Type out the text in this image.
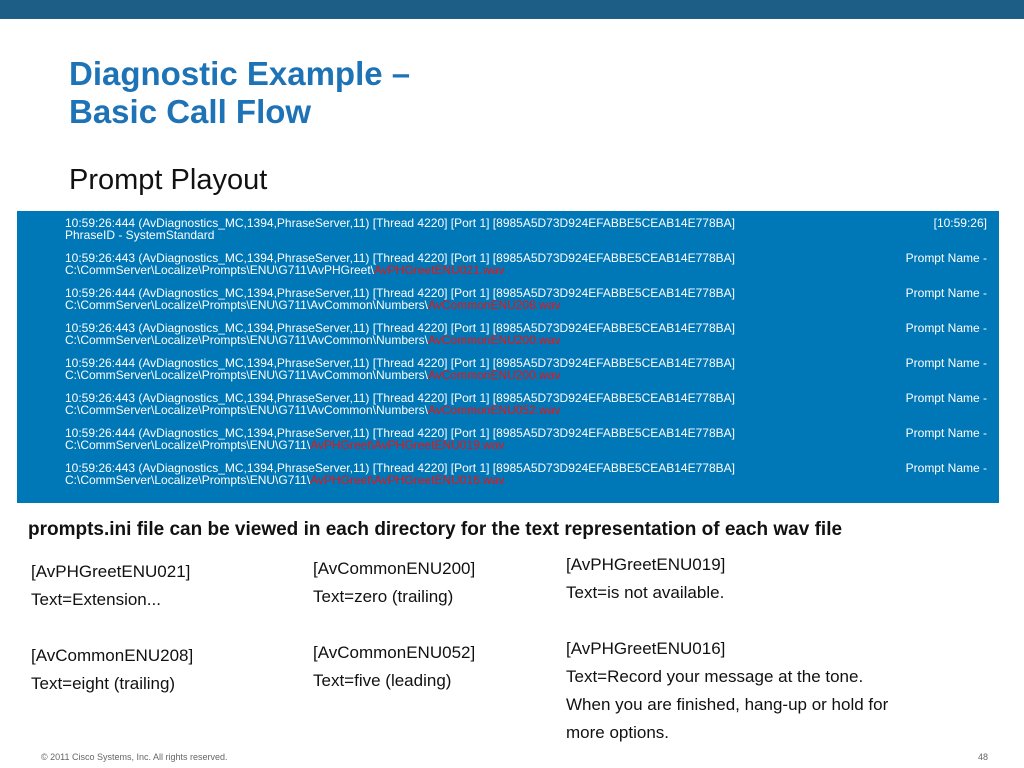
Diagnostic Example –
Basic Call Flow
Prompt Playout
10:59:26:444 (AvDiagnostics_MC,1394,PhraseServer,11) [Thread 4220] [Port 1] [8985A5D73D924EFABBE5CEAB14E778BA]	[10:59:26]
PhraseID - SystemStandard
10:59:26:443 (AvDiagnostics_MC,1394,PhraseServer,11) [Thread 4220] [Port 1] [8985A5D73D924EFABBE5CEAB14E778BA]	Prompt Name -
C:\CommServer\Localize\Prompts\ENU\G711\AvPHGreet\AvPHGreetENU021.wav
10:59:26:444 (AvDiagnostics_MC,1394,PhraseServer,11) [Thread 4220] [Port 1] [8985A5D73D924EFABBE5CEAB14E778BA]	Prompt Name -
C:\CommServer\Localize\Prompts\ENU\G711\AvCommon\Numbers\AvCommonENU208.wav
10:59:26:443 (AvDiagnostics_MC,1394,PhraseServer,11) [Thread 4220] [Port 1] [8985A5D73D924EFABBE5CEAB14E778BA]	Prompt Name -
C:\CommServer\Localize\Prompts\ENU\G711\AvCommon\Numbers\AvCommonENU200.wav
10:59:26:444 (AvDiagnostics_MC,1394,PhraseServer,11) [Thread 4220] [Port 1] [8985A5D73D924EFABBE5CEAB14E778BA]	Prompt Name -
C:\CommServer\Localize\Prompts\ENU\G711\AvCommon\Numbers\AvCommonENU200.wav
10:59:26:443 (AvDiagnostics_MC,1394,PhraseServer,11) [Thread 4220] [Port 1] [8985A5D73D924EFABBE5CEAB14E778BA]	Prompt Name -
C:\CommServer\Localize\Prompts\ENU\G711\AvCommon\Numbers\AvCommonENU052.wav
10:59:26:444 (AvDiagnostics_MC,1394,PhraseServer,11) [Thread 4220] [Port 1] [8985A5D73D924EFABBE5CEAB14E778BA]	Prompt Name -
C:\CommServer\Localize\Prompts\ENU\G711\AvPHGreet\AvPHGreetENU019.wav
10:59:26:443 (AvDiagnostics_MC,1394,PhraseServer,11) [Thread 4220] [Port 1] [8985A5D73D924EFABBE5CEAB14E778BA]	Prompt Name -
C:\CommServer\Localize\Prompts\ENU\G711\AvPHGreet\AvPHGreetENU016.wav
prompts.ini file can be viewed in each directory for the text representation of each wav file
[AvPHGreetENU021]
Text=Extension...
[AvCommonENU208]
Text=eight (trailing)
[AvCommonENU200]
Text=zero (trailing)
[AvCommonENU052]
Text=five (leading)
[AvPHGreetENU019]
Text=is not available.
[AvPHGreetENU016]
Text=Record your message at the tone.
When you are finished, hang-up or hold for
more options.
© 2011 Cisco Systems, Inc. All rights reserved.	48
